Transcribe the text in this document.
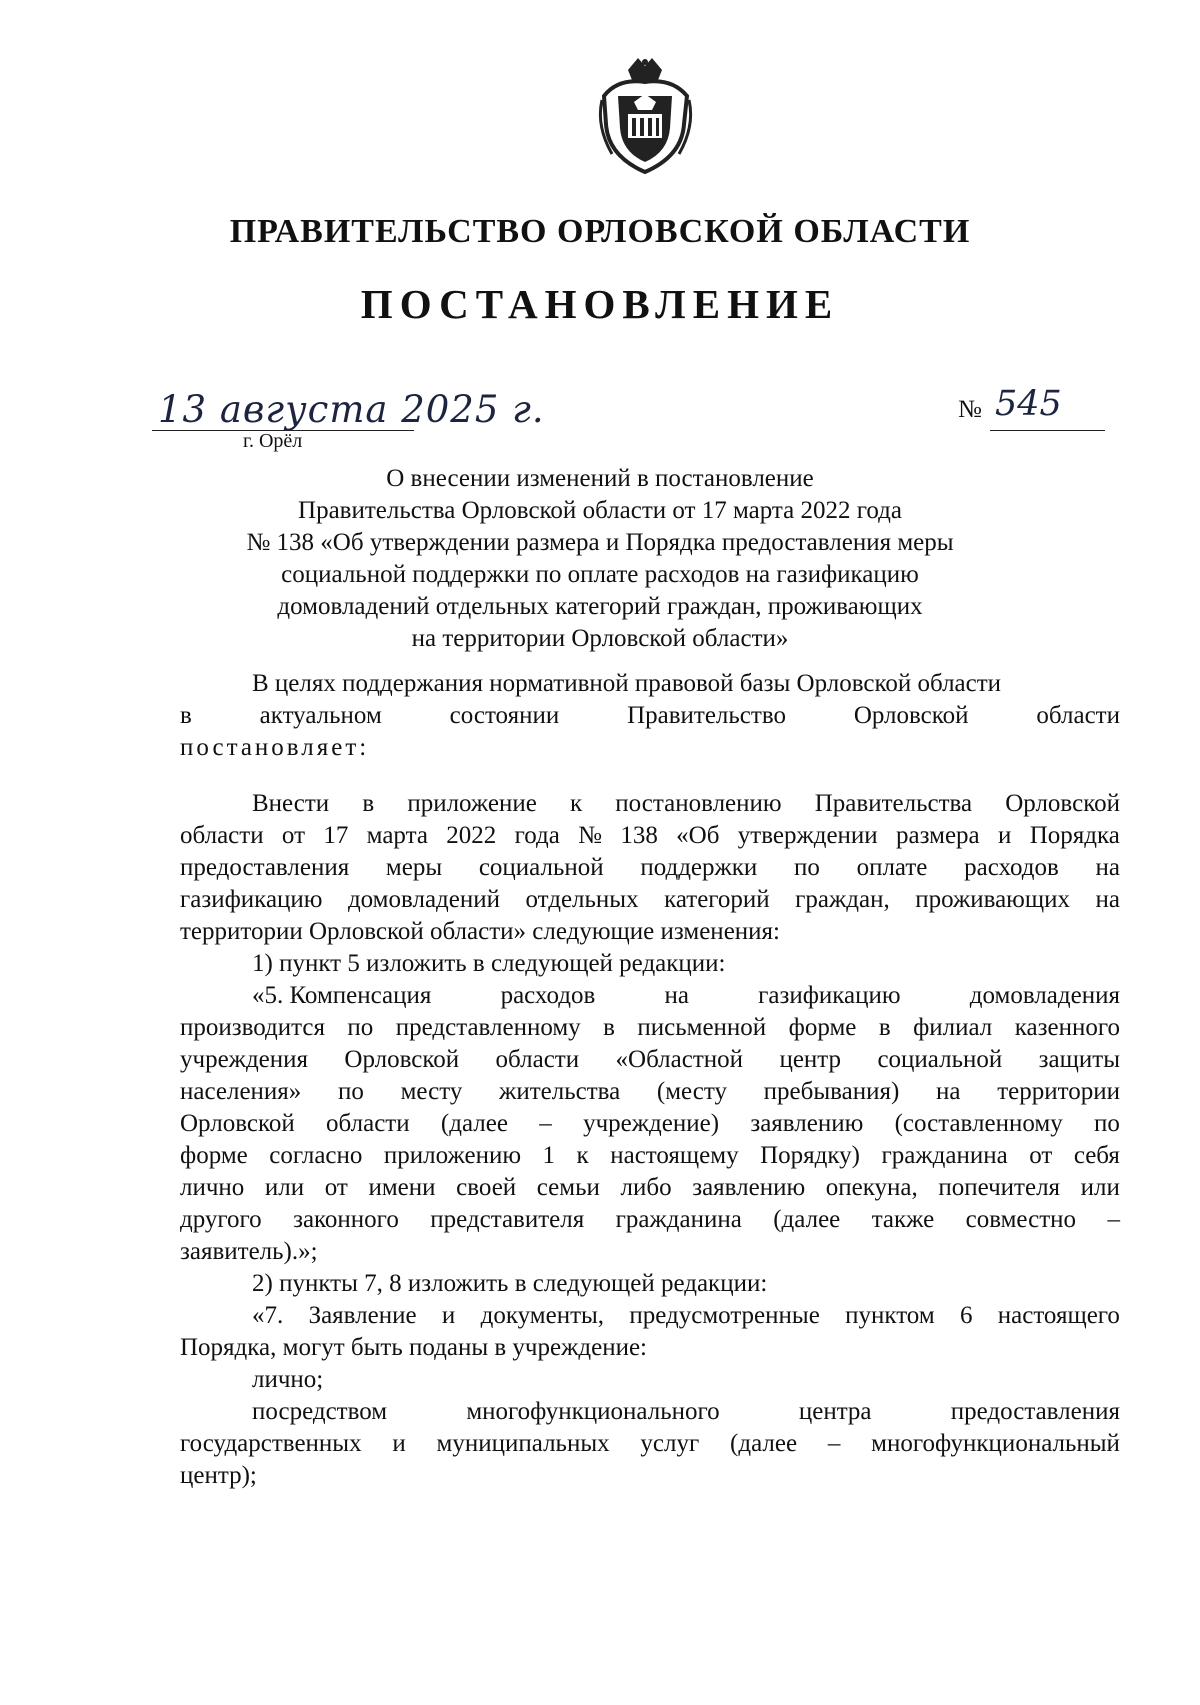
ПРАВИТЕЛЬСТВО ОРЛОВСКОЙ ОБЛАСТИ
ПОСТАНОВЛЕНИЕ
13 августа 2025 г.
г. Орёл
№ 545
О внесении изменений в постановление
Правительства Орловской области от 17 марта 2022 года
№ 138 «Об утверждении размера и Порядка предоставления меры
социальной поддержки по оплате расходов на газификацию
домовладений отдельных категорий граждан, проживающих
на территории Орловской области»
В целях поддержания нормативной правовой базы Орловской области
в	актуальном	состоянии	Правительство	Орловской	области
постановляет:
Внести в приложение к постановлению Правительства Орловской
области от 17 марта 2022 года № 138 «Об утверждении размера и Порядка
предоставления меры социальной поддержки по оплате расходов на
газификацию домовладений отдельных категорий граждан, проживающих на
территории Орловской области» следующие изменения:
1) пункт 5 изложить в следующей редакции:
«5. Компенсация	расходов	на	газификацию	домовладения
производится по представленному в письменной форме в филиал казенного
учреждения Орловской области «Областной центр социальной защиты
населения» по месту жительства (месту пребывания) на территории
Орловской области (далее – учреждение) заявлению (составленному по
форме согласно приложению 1 к настоящему Порядку) гражданина от себя
лично или от имени своей семьи либо заявлению опекуна, попечителя или
другого законного представителя гражданина (далее также совместно –
заявитель).»;
2) пункты 7, 8 изложить в следующей редакции:
«7. Заявление и документы, предусмотренные пунктом 6 настоящего
Порядка, могут быть поданы в учреждение:
лично;
посредством	многофункционального	центра	предоставления
государственных и муниципальных услуг (далее – многофункциональный
центр);
